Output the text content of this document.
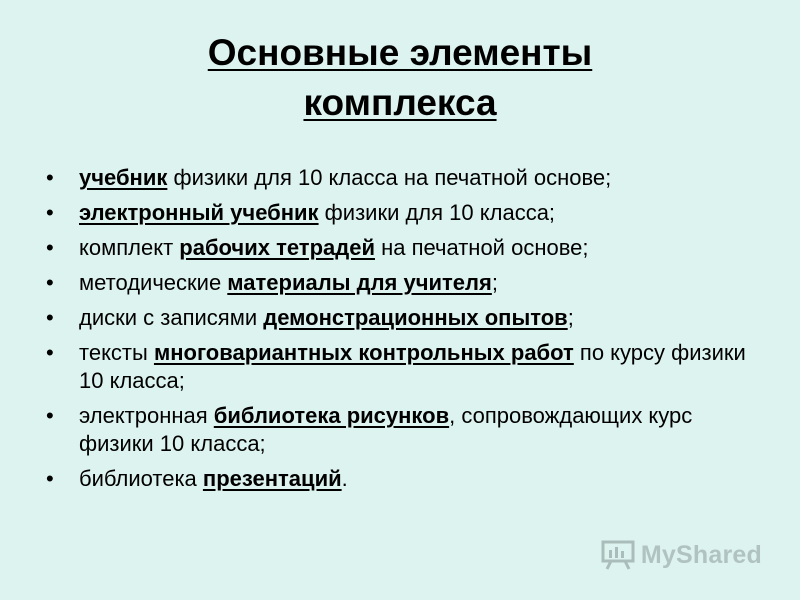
Основные элементы
комплекса
• учебник физики для 10 класса на печатной основе;
• электронный учебник физики для 10 класса;
• комплект рабочих тетрадей на печатной основе;
• методические материалы для учителя;
• диски с записями демонстрационных опытов;
• тексты многовариантных контрольных работ по курсу физики 10 класса;
• электронная библиотека рисунков, сопровождающих курс физики 10 класса;
• библиотека презентаций.
MyShared
